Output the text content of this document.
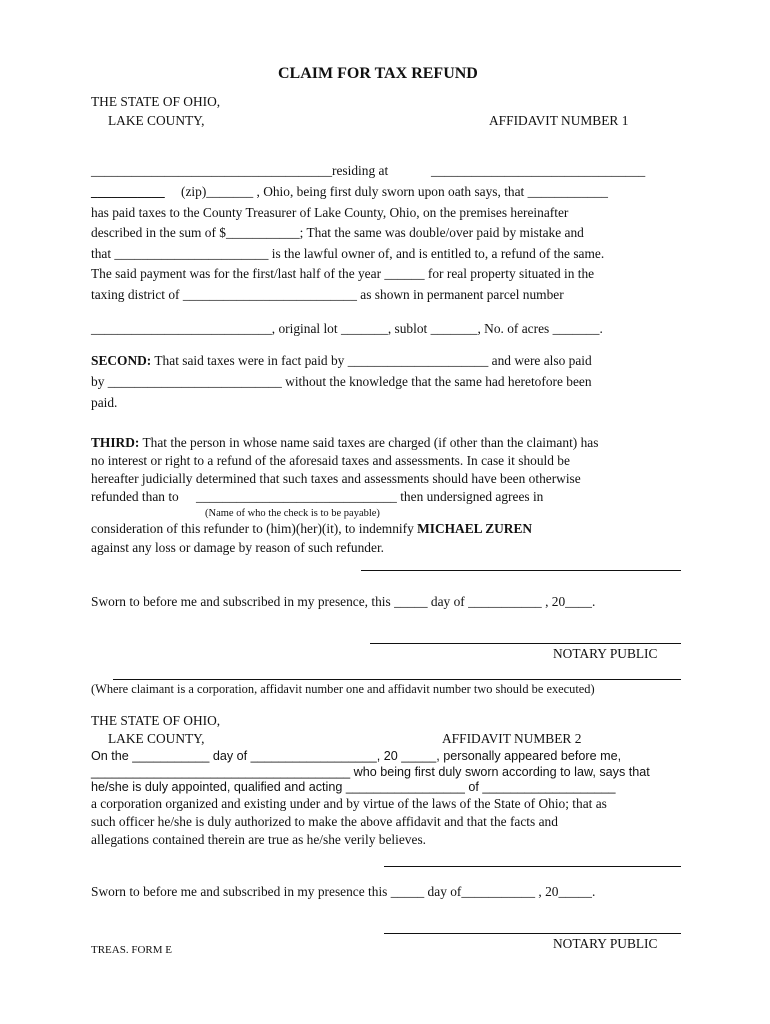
CLAIM FOR TAX REFUND
THE STATE OF OHIO,
LAKE COUNTY,	AFFIDAVIT NUMBER 1
____________________________________residing at	________________________________
___________ (zip)_______ , Ohio, being first duly sworn upon oath says, that ____________
has paid taxes to the County Treasurer of Lake County, Ohio, on the premises hereinafter
described in the sum of $___________; That the same was double/over paid by mistake and
that _______________________ is the lawful owner of, and is entitled to, a refund of the same.
The said payment was for the first/last half of the year ______ for real property situated in the
taxing district of __________________________ as shown in permanent parcel number
___________________________, original lot _______, sublot _______, No. of acres _______.
SECOND: That said taxes were in fact paid by _____________________ and were also paid
by __________________________ without the knowledge that the same had heretofore been
paid.
THIRD: That the person in whose name said taxes are charged (if other than the claimant) has
no interest or right to a refund of the aforesaid taxes and assessments. In case it should be
hereafter judicially determined that such taxes and assessments should have been otherwise
refunded than to ______________________________ then undersigned agrees in
(Name of who the check is to be payable)
consideration of this refunder to (him)(her)(it), to indemnify MICHAEL ZUREN
against any loss or damage by reason of such refunder.
Sworn to before me and subscribed in my presence, this _____ day of ___________ , 20____.
NOTARY PUBLIC
(Where claimant is a corporation, affidavit number one and affidavit number two should be executed)
THE STATE OF OHIO,
LAKE COUNTY,	AFFIDAVIT NUMBER 2
On the ___________ day of __________________, 20 _____, personally appeared before me,
_____________________________________ who being first duly sworn according to law, says that
he/she is duly appointed, qualified and acting _________________ of ___________________
a corporation organized and existing under and by virtue of the laws of the State of Ohio; that as
such officer he/she is duly authorized to make the above affidavit and that the facts and
allegations contained therein are true as he/she verily believes.
Sworn to before me and subscribed in my presence this _____ day of___________ , 20_____.
TREAS. FORM E	NOTARY PUBLIC
